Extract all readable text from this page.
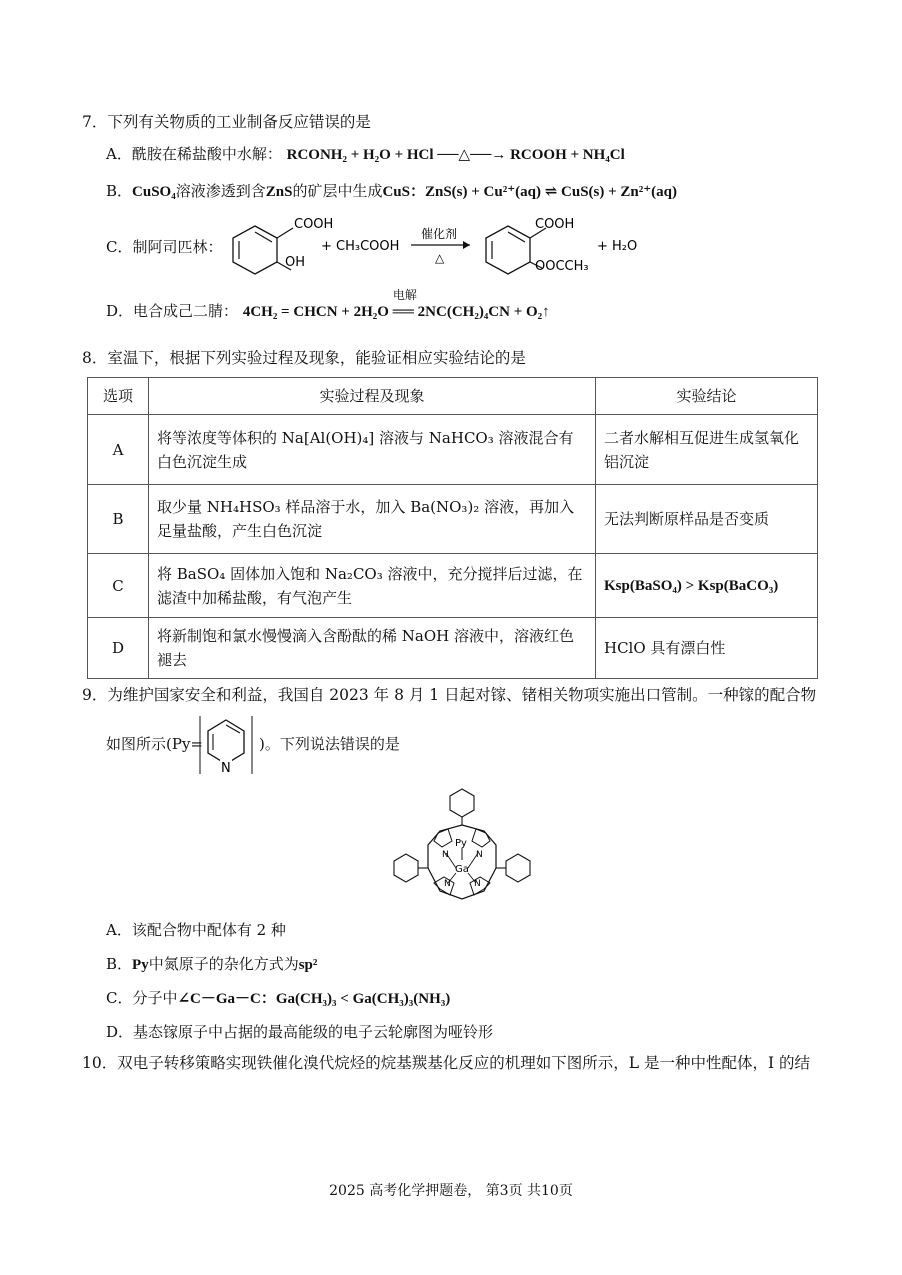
7．下列有关物质的工业制备反应错误的是
A．酰胺在稀盐酸中水解： RCONH₂ + H₂O + HCl ──△──→ RCOOH + NH₄Cl
B．CuSO₄溶液渗透到含ZnS的矿层中生成CuS：ZnS(s) + Cu²⁺(aq) ⇌ CuS(s) + Zn²⁺(aq)
C．制阿司匹林：
COOH
OH
+ CH₃COOH
催化剂
△
COOH
OOCCH₃
+ H₂O
D．电合成己二腈： 4CH₂ = CHCN + 2H₂O ══ 2NC(CH₂)₄CN + O₂↑
电解
8．室温下，根据下列实验过程及现象，能验证相应实验结论的是
选项	实验过程及现象	实验结论
A	将等浓度等体积的 Na[Al(OH)₄] 溶液与 NaHCO₃ 溶液混合有白色沉淀生成	二者水解相互促进生成氢氧化铝沉淀
B	取少量 NH₄HSO₃ 样品溶于水，加入 Ba(NO₃)₂ 溶液，再加入足量盐酸，产生白色沉淀	无法判断原样品是否变质
C	将 BaSO₄ 固体加入饱和 Na₂CO₃ 溶液中，充分搅拌后过滤，在滤渣中加稀盐酸，有气泡产生	Ksp(BaSO₄) > Ksp(BaCO₃)
D	将新制饱和氯水慢慢滴入含酚酞的稀 NaOH 溶液中，溶液红色褪去	HClO 具有漂白性
9．为维护国家安全和利益，我国自 2023 年 8 月 1 日起对镓、锗相关物项实施出口管制。一种镓的配合物
如图所示(Py=	)。下列说法错误的是
N
Py
Ga
N	N
N	N
A．该配合物中配体有 2 种
B．Py中氮原子的杂化方式为sp²
C．分子中∠C－Ga－C：Ga(CH₃)₃ < Ga(CH₃)₃(NH₃)
D．基态镓原子中占据的最高能级的电子云轮廓图为哑铃形
10．双电子转移策略实现铁催化溴代烷烃的烷基羰基化反应的机理如下图所示，L 是一种中性配体，I 的结
2025 高考化学押题卷， 第3页 共10页
